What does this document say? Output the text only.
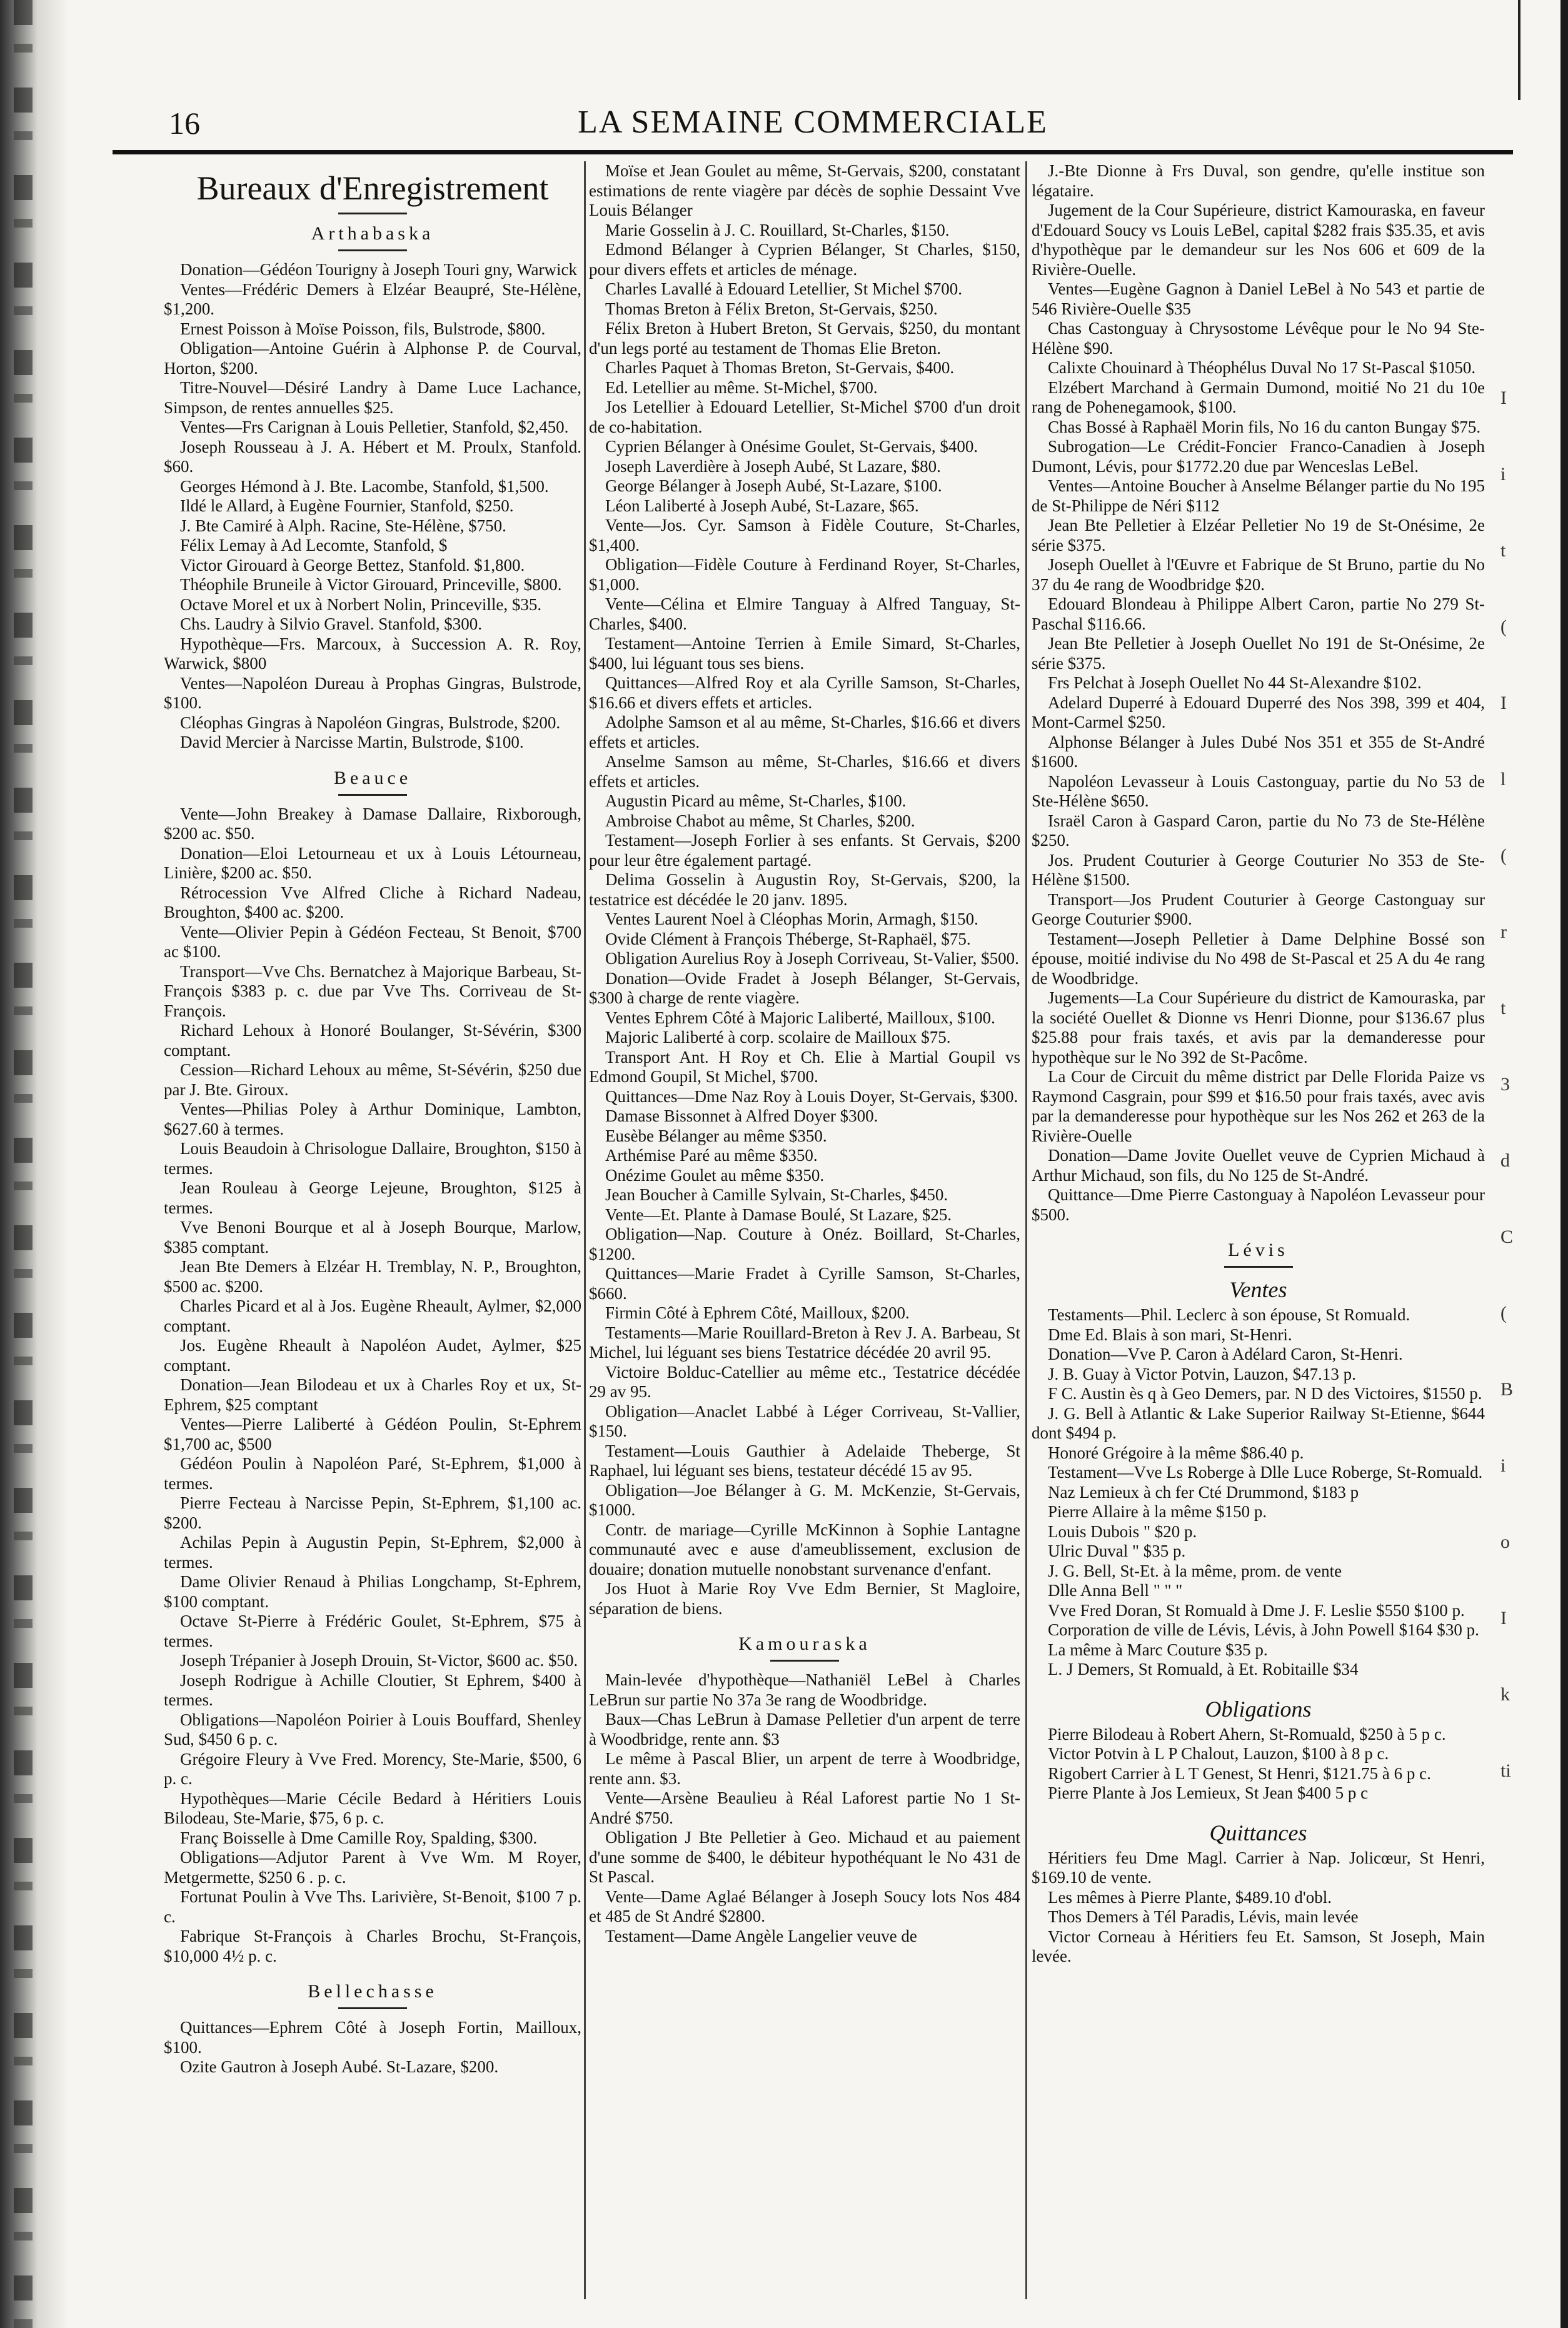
16	LA SEMAINE COMMERCIALE
Bureaux d'Enregistrement
Arthabaska

Donation—Gédéon Tourigny à Joseph Touri gny, Warwick

Ventes—Frédéric Demers à Elzéar Beaupré, Ste-Hélène, $1,200.

Ernest Poisson à Moïse Poisson, fils, Bulstrode, $800.

Obligation—Antoine Guérin à Alphonse P. de Courval, Horton, $200.

Titre-Nouvel—Désiré Landry à Dame Luce Lachance, Simpson, de rentes annuelles $25.

Ventes—Frs Carignan à Louis Pelletier, Stanfold, $2,450.

Joseph Rousseau à J. A. Hébert et M. Proulx, Stanfold. $60.

Georges Hémond à J. Bte. Lacombe, Stanfold, $1,500.

Ildé le Allard, à Eugène Fournier, Stanfold, $250.

J. Bte Camiré à Alph. Racine, Ste-Hélène, $750.

Félix Lemay à Ad Lecomte, Stanfold, $

Victor Girouard à George Bettez, Stanfold. $1,800.

Théophile Bruneile à Victor Girouard, Princeville, $800.

Octave Morel et ux à Norbert Nolin, Princeville, $35.

Chs. Laudry à Silvio Gravel. Stanfold, $300.

Hypothèque—Frs. Marcoux, à Succession A. R. Roy, Warwick, $800

Ventes—Napoléon Dureau à Prophas Gingras, Bulstrode, $100.

Cléophas Gingras à Napoléon Gingras, Bulstrode, $200.

David Mercier à Narcisse Martin, Bulstrode, $100.

Beauce

Vente—John Breakey à Damase Dallaire, Rixborough, $200 ac. $50.

Donation—Eloi Letourneau et ux à Louis Létourneau, Linière, $200 ac. $50.

Rétrocession Vve Alfred Cliche à Richard Nadeau, Broughton, $400 ac. $200.

Vente—Olivier Pepin à Gédéon Fecteau, St Benoit, $700 ac $100.

Transport—Vve Chs. Bernatchez à Majorique Barbeau, St-François $383 p. c. due par Vve Ths. Corriveau de St-François.

Richard Lehoux à Honoré Boulanger, St-Sévérin, $300 comptant.

Cession—Richard Lehoux au même, St-Sévérin, $250 due par J. Bte. Giroux.

Ventes—Philias Poley à Arthur Dominique, Lambton, $627.60 à termes.

Louis Beaudoin à Chrisologue Dallaire, Broughton, $150 à termes.

Jean Rouleau à George Lejeune, Broughton, $125 à termes.

Vve Benoni Bourque et al à Joseph Bourque, Marlow, $385 comptant.

Jean Bte Demers à Elzéar H. Tremblay, N. P., Broughton, $500 ac. $200.

Charles Picard et al à Jos. Eugène Rheault, Aylmer, $2,000 comptant.

Jos. Eugène Rheault à Napoléon Audet, Aylmer, $25 comptant.

Donation—Jean Bilodeau et ux à Charles Roy et ux, St-Ephrem, $25 comptant

Ventes—Pierre Laliberté à Gédéon Poulin, St-Ephrem $1,700 ac, $500

Gédéon Poulin à Napoléon Paré, St-Ephrem, $1,000 à termes.

Pierre Fecteau à Narcisse Pepin, St-Ephrem, $1,100 ac. $200.

Achilas Pepin à Augustin Pepin, St-Ephrem, $2,000 à termes.

Dame Olivier Renaud à Philias Longchamp, St-Ephrem, $100 comptant.

Octave St-Pierre à Frédéric Goulet, St-Ephrem, $75 à termes.

Joseph Trépanier à Joseph Drouin, St-Victor, $600 ac. $50.

Joseph Rodrigue à Achille Cloutier, St Ephrem, $400 à termes.

Obligations—Napoléon Poirier à Louis Bouffard, Shenley Sud, $450 6 p. c.

Grégoire Fleury à Vve Fred. Morency, Ste-Marie, $500, 6 p. c.

Hypothèques—Marie Cécile Bedard à Héritiers Louis Bilodeau, Ste-Marie, $75, 6 p. c.

Franç Boisselle à Dme Camille Roy, Spalding, $300.

Obligations—Adjutor Parent à Vve Wm. M Royer, Metgermette, $250 6 . p. c.

Fortunat Poulin à Vve Ths. Larivière, St-Benoit, $100 7 p. c.

Fabrique St-François à Charles Brochu, St-François, $10,000 4½ p. c.

Bellechasse

Quittances—Ephrem Côté à Joseph Fortin, Mailloux, $100.

Ozite Gautron à Joseph Aubé. St-Lazare, $200.

Moïse et Jean Goulet au même, St-Gervais, $200, constatant estimations de rente viagère par décès de sophie Dessaint Vve Louis Bélanger

Marie Gosselin à J. C. Rouillard, St-Charles, $150.

Edmond Bélanger à Cyprien Bélanger, St Charles, $150, pour divers effets et articles de ménage.

Charles Lavallé à Edouard Letellier, St Michel $700.

Thomas Breton à Félix Breton, St-Gervais, $250.

Félix Breton à Hubert Breton, St Gervais, $250, du montant d'un legs porté au testament de Thomas Elie Breton.

Charles Paquet à Thomas Breton, St-Gervais, $400.

Ed. Letellier au même. St-Michel, $700.

Jos Letellier à Edouard Letellier, St-Michel $700 d'un droit de co-habitation.

Cyprien Bélanger à Onésime Goulet, St-Gervais, $400.

Joseph Laverdière à Joseph Aubé, St Lazare, $80.

George Bélanger à Joseph Aubé, St-Lazare, $100.

Léon Laliberté à Joseph Aubé, St-Lazare, $65.

Vente—Jos. Cyr. Samson à Fidèle Couture, St-Charles, $1,400.

Obligation—Fidèle Couture à Ferdinand Royer, St-Charles, $1,000.

Vente—Célina et Elmire Tanguay à Alfred Tanguay, St-Charles, $400.

Testament—Antoine Terrien à Emile Simard, St-Charles, $400, lui léguant tous ses biens.

Quittances—Alfred Roy et ala Cyrille Samson, St-Charles, $16.66 et divers effets et articles.

Adolphe Samson et al au même, St-Charles, $16.66 et divers effets et articles.

Anselme Samson au même, St-Charles, $16.66 et divers effets et articles.

Augustin Picard au même, St-Charles, $100.

Ambroise Chabot au même, St Charles, $200.

Testament—Joseph Forlier à ses enfants. St Gervais, $200 pour leur être également partagé.

Delima Gosselin à Augustin Roy, St-Gervais, $200, la testatrice est décédée le 20 janv. 1895.

Ventes Laurent Noel à Cléophas Morin, Armagh, $150.

Ovide Clément à François Théberge, St-Raphaël, $75.

Obligation Aurelius Roy à Joseph Corriveau, St-Valier, $500.

Donation—Ovide Fradet à Joseph Bélanger, St-Gervais, $300 à charge de rente viagère.

Ventes Ephrem Côté à Majoric Laliberté, Mailloux, $100.

Majoric Laliberté à corp. scolaire de Mailloux $75.

Transport Ant. H Roy et Ch. Elie à Martial Goupil vs Edmond Goupil, St Michel, $700.

Quittances—Dme Naz Roy à Louis Doyer, St-Gervais, $300.

Damase Bissonnet à Alfred Doyer $300.

Eusèbe Bélanger au même $350.

Arthémise Paré au même $350.

Onézime Goulet au même $350.

Jean Boucher à Camille Sylvain, St-Charles, $450.

Vente—Et. Plante à Damase Boulé, St Lazare, $25.

Obligation—Nap. Couture à Onéz. Boillard, St-Charles, $1200.

Quittances—Marie Fradet à Cyrille Samson, St-Charles, $660.

Firmin Côté à Ephrem Côté, Mailloux, $200.

Testaments—Marie Rouillard-Breton à Rev J. A. Barbeau, St Michel, lui léguant ses biens Testatrice décédée 20 avril 95.

Victoire Bolduc-Catellier au même etc., Testatrice décédée 29 av 95.

Obligation—Anaclet Labbé à Léger Corriveau, St-Vallier, $150.

Testament—Louis Gauthier à Adelaide Theberge, St Raphael, lui léguant ses biens, testateur décédé 15 av 95.

Obligation—Joe Bélanger à G. M. McKenzie, St-Gervais, $1000.

Contr. de mariage—Cyrille McKinnon à Sophie Lantagne communauté avec e ause d'ameublissement, exclusion de douaire; donation mutuelle nonobstant survenance d'enfant.

Jos Huot à Marie Roy Vve Edm Bernier, St Magloire, séparation de biens.

Kamouraska

Main-levée d'hypothèque—Nathaniël LeBel à Charles LeBrun sur partie No 37a 3e rang de Woodbridge.

Baux—Chas LeBrun à Damase Pelletier d'un arpent de terre à Woodbridge, rente ann. $3

Le même à Pascal Blier, un arpent de terre à Woodbridge, rente ann. $3.

Vente—Arsène Beaulieu à Réal Laforest partie No 1 St-André $750.

Obligation J Bte Pelletier à Geo. Michaud et au paiement d'une somme de $400, le débiteur hypothéquant le No 431 de St Pascal.

Vente—Dame Aglaé Bélanger à Joseph Soucy lots Nos 484 et 485 de St André $2800.

Testament—Dame Angèle Langelier veuve de

J.-Bte Dionne à Frs Duval, son gendre, qu'elle institue son légataire.

Jugement de la Cour Supérieure, district Kamouraska, en faveur d'Edouard Soucy vs Louis LeBel, capital $282 frais $35.35, et avis d'hypothèque par le demandeur sur les Nos 606 et 609 de la Rivière-Ouelle.

Ventes—Eugène Gagnon à Daniel LeBel à No 543 et partie de 546 Rivière-Ouelle $35

Chas Castonguay à Chrysostome Lévêque pour le No 94 Ste-Hélène $90.

Calixte Chouinard à Théophélus Duval No 17 St-Pascal $1050.

Elzébert Marchand à Germain Dumond, moitié No 21 du 10e rang de Pohenegamook, $100.

Chas Bossé à Raphaël Morin fils, No 16 du canton Bungay $75.

Subrogation—Le Crédit-Foncier Franco-Canadien à Joseph Dumont, Lévis, pour $1772.20 due par Wenceslas LeBel.

Ventes—Antoine Boucher à Anselme Bélanger partie du No 195 de St-Philippe de Néri $112

Jean Bte Pelletier à Elzéar Pelletier No 19 de St-Onésime, 2e série $375.

Joseph Ouellet à l'Œuvre et Fabrique de St Bruno, partie du No 37 du 4e rang de Woodbridge $20.

Edouard Blondeau à Philippe Albert Caron, partie No 279 St-Paschal $116.66.

Jean Bte Pelletier à Joseph Ouellet No 191 de St-Onésime, 2e série $375.

Frs Pelchat à Joseph Ouellet No 44 St-Alexandre $102.

Adelard Duperré à Edouard Duperré des Nos 398, 399 et 404, Mont-Carmel $250.

Alphonse Bélanger à Jules Dubé Nos 351 et 355 de St-André $1600.

Napoléon Levasseur à Louis Castonguay, partie du No 53 de Ste-Hélène $650.

Israël Caron à Gaspard Caron, partie du No 73 de Ste-Hélène $250.

Jos. Prudent Couturier à George Couturier No 353 de Ste-Hélène $1500.

Transport—Jos Prudent Couturier à George Castonguay sur George Couturier $900.

Testament—Joseph Pelletier à Dame Delphine Bossé son épouse, moitié indivise du No 498 de St-Pascal et 25 A du 4e rang de Woodbridge.

Jugements—La Cour Supérieure du district de Kamouraska, par la société Ouellet & Dionne vs Henri Dionne, pour $136.67 plus $25.88 pour frais taxés, et avis par la demanderesse pour hypothèque sur le No 392 de St-Pacôme.

La Cour de Circuit du même district par Delle Florida Paize vs Raymond Casgrain, pour $99 et $16.50 pour frais taxés, avec avis par la demanderesse pour hypothèque sur les Nos 262 et 263 de la Rivière-Ouelle

Donation—Dame Jovite Ouellet veuve de Cyprien Michaud à Arthur Michaud, son fils, du No 125 de St-André.

Quittance—Dme Pierre Castonguay à Napoléon Levasseur pour $500.

Lévis
Ventes

Testaments—Phil. Leclerc à son épouse, St Romuald.

Dme Ed. Blais à son mari, St-Henri.

Donation—Vve P. Caron à Adélard Caron, St-Henri.

J. B. Guay à Victor Potvin, Lauzon, $47.13 p.

F C. Austin ès q à Geo Demers, par. N D des Victoires, $1550 p.

J. G. Bell à Atlantic & Lake Superior Railway St-Etienne, $644 dont $494 p.

Honoré Grégoire à la même $86.40 p.

Testament—Vve Ls Roberge à Dlle Luce Roberge, St-Romuald.

Naz Lemieux à ch fer Cté Drummond, $183 p

Pierre Allaire à la même $150 p.

Louis Dubois " $20 p.

Ulric Duval " $35 p.

J. G. Bell, St-Et. à la même, prom. de vente

Dlle Anna Bell " " "

Vve Fred Doran, St Romuald à Dme J. F. Leslie $550 $100 p.

Corporation de ville de Lévis, Lévis, à John Powell $164 $30 p.

La même à Marc Couture $35 p.

L. J Demers, St Romuald, à Et. Robitaille $34

Obligations

Pierre Bilodeau à Robert Ahern, St-Romuald, $250 à 5 p c.

Victor Potvin à L P Chalout, Lauzon, $100 à 8 p c.

Rigobert Carrier à L T Genest, St Henri, $121.75 à 6 p c.

Pierre Plante à Jos Lemieux, St Jean $400 5 p c

Quittances

Héritiers feu Dme Magl. Carrier à Nap. Jolicœur, St Henri, $169.10 de vente.

Les mêmes à Pierre Plante, $489.10 d'obl.

Thos Demers à Tél Paradis, Lévis, main levée

Victor Corneau à Héritiers feu Et. Samson, St Joseph, Main levée.

I
i
t
(
I
l
(
r
t
3
d
C
(
B
i
o
I
k
ti
